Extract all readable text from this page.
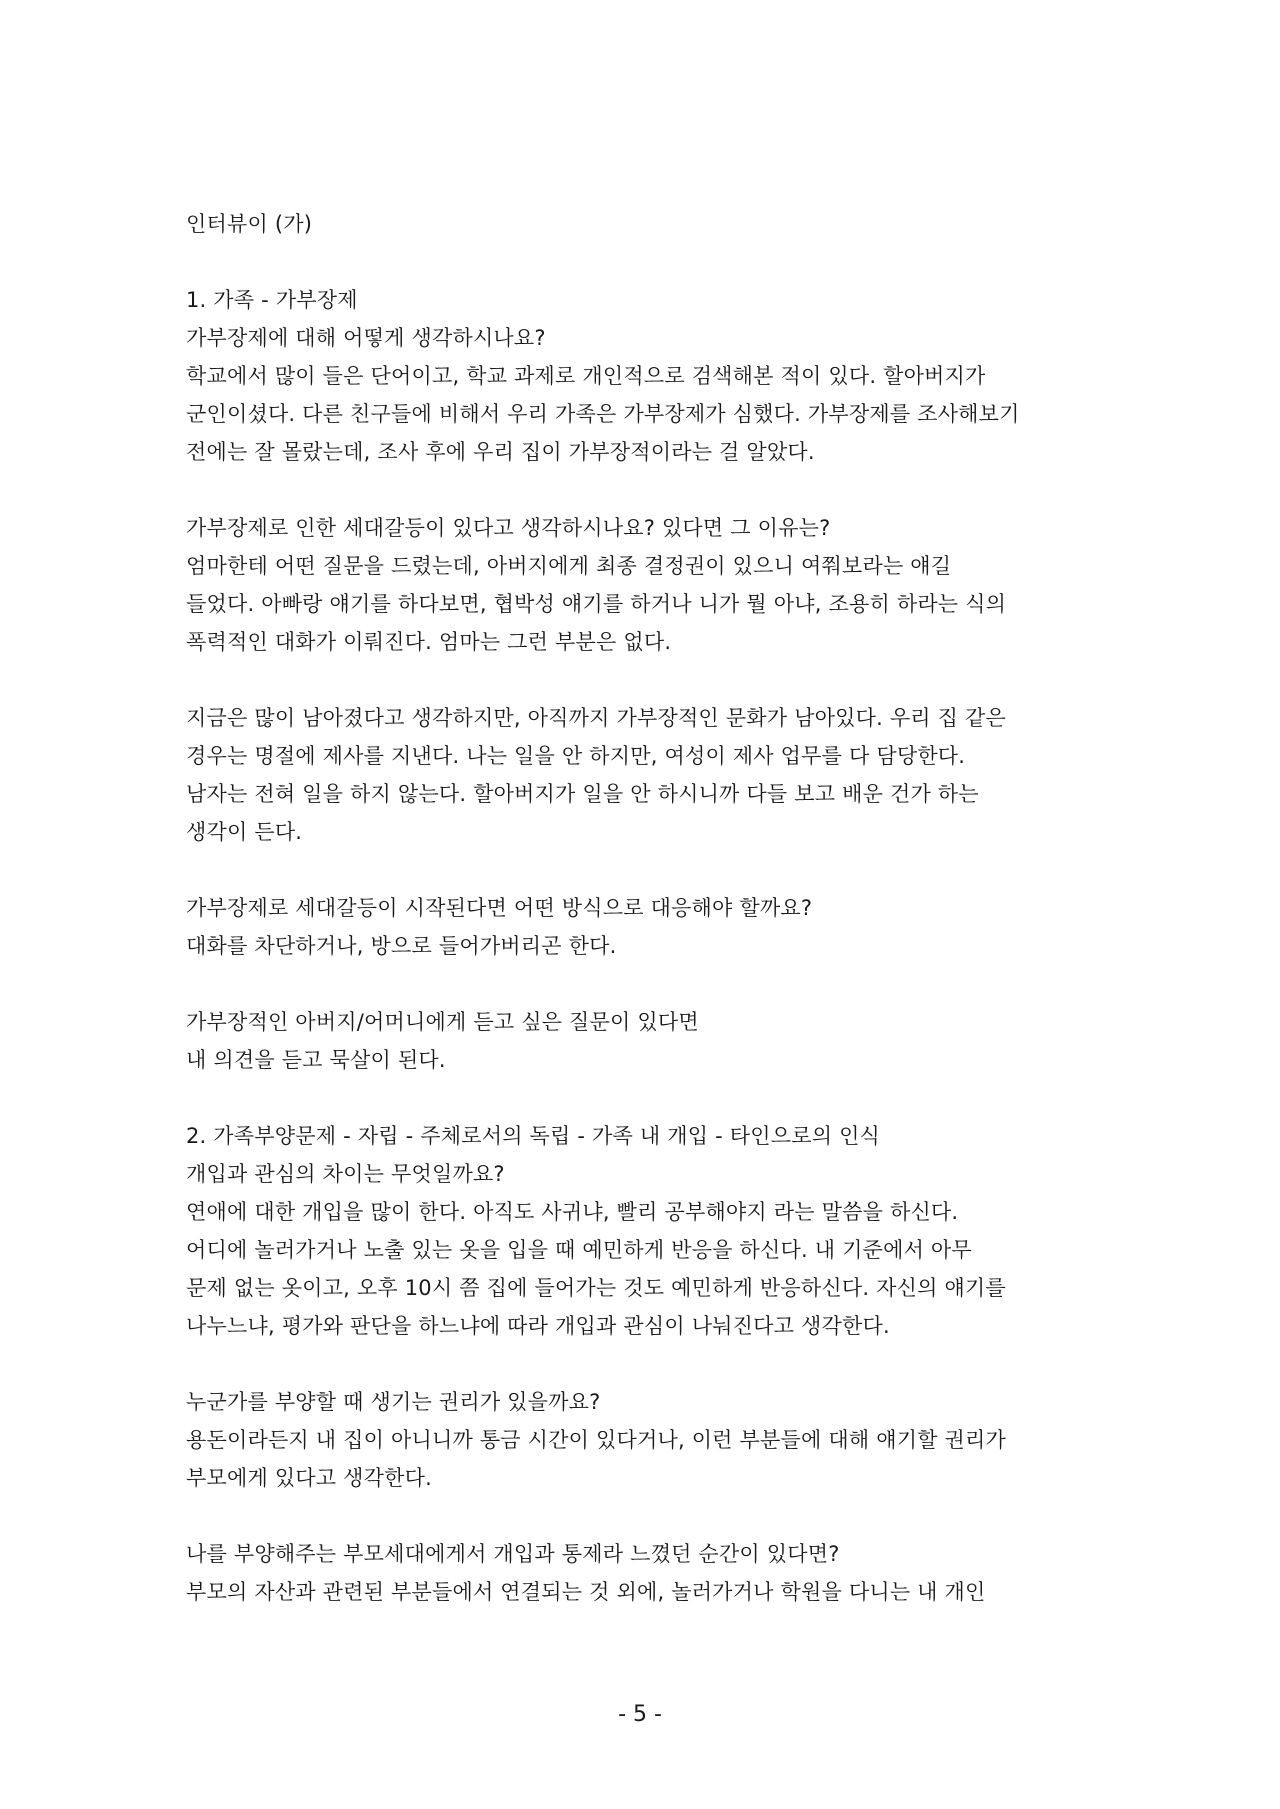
인터뷰이 (가)
1. 가족 - 가부장제
가부장제에 대해 어떻게 생각하시나요?
학교에서 많이 들은 단어이고, 학교 과제로 개인적으로 검색해본 적이 있다. 할아버지가
군인이셨다. 다른 친구들에 비해서 우리 가족은 가부장제가 심했다. 가부장제를 조사해보기
전에는 잘 몰랐는데, 조사 후에 우리 집이 가부장적이라는 걸 알았다.
가부장제로 인한 세대갈등이 있다고 생각하시나요? 있다면 그 이유는?
엄마한테 어떤 질문을 드렸는데, 아버지에게 최종 결정권이 있으니 여쭤보라는 얘길
들었다. 아빠랑 얘기를 하다보면, 협박성 얘기를 하거나 니가 뭘 아냐, 조용히 하라는 식의
폭력적인 대화가 이뤄진다. 엄마는 그런 부분은 없다.
지금은 많이 남아졌다고 생각하지만, 아직까지 가부장적인 문화가 남아있다. 우리 집 같은
경우는 명절에 제사를 지낸다. 나는 일을 안 하지만, 여성이 제사 업무를 다 담당한다.
남자는 전혀 일을 하지 않는다. 할아버지가 일을 안 하시니까 다들 보고 배운 건가 하는
생각이 든다.
가부장제로 세대갈등이 시작된다면 어떤 방식으로 대응해야 할까요?
대화를 차단하거나, 방으로 들어가버리곤 한다.
가부장적인 아버지/어머니에게 듣고 싶은 질문이 있다면
내 의견을 듣고 묵살이 된다.
2. 가족부양문제 - 자립 - 주체로서의 독립 - 가족 내 개입 - 타인으로의 인식
개입과 관심의 차이는 무엇일까요?
연애에 대한 개입을 많이 한다. 아직도 사귀냐, 빨리 공부해야지 라는 말씀을 하신다.
어디에 놀러가거나 노출 있는 옷을 입을 때 예민하게 반응을 하신다. 내 기준에서 아무
문제 없는 옷이고, 오후 10시 쯤 집에 들어가는 것도 예민하게 반응하신다. 자신의 얘기를
나누느냐, 평가와 판단을 하느냐에 따라 개입과 관심이 나눠진다고 생각한다.
누군가를 부양할 때 생기는 권리가 있을까요?
용돈이라든지 내 집이 아니니까 통금 시간이 있다거나, 이런 부분들에 대해 얘기할 권리가
부모에게 있다고 생각한다.
나를 부양해주는 부모세대에게서 개입과 통제라 느꼈던 순간이 있다면?
부모의 자산과 관련된 부분들에서 연결되는 것 외에, 놀러가거나 학원을 다니는 내 개인
- 5 -
